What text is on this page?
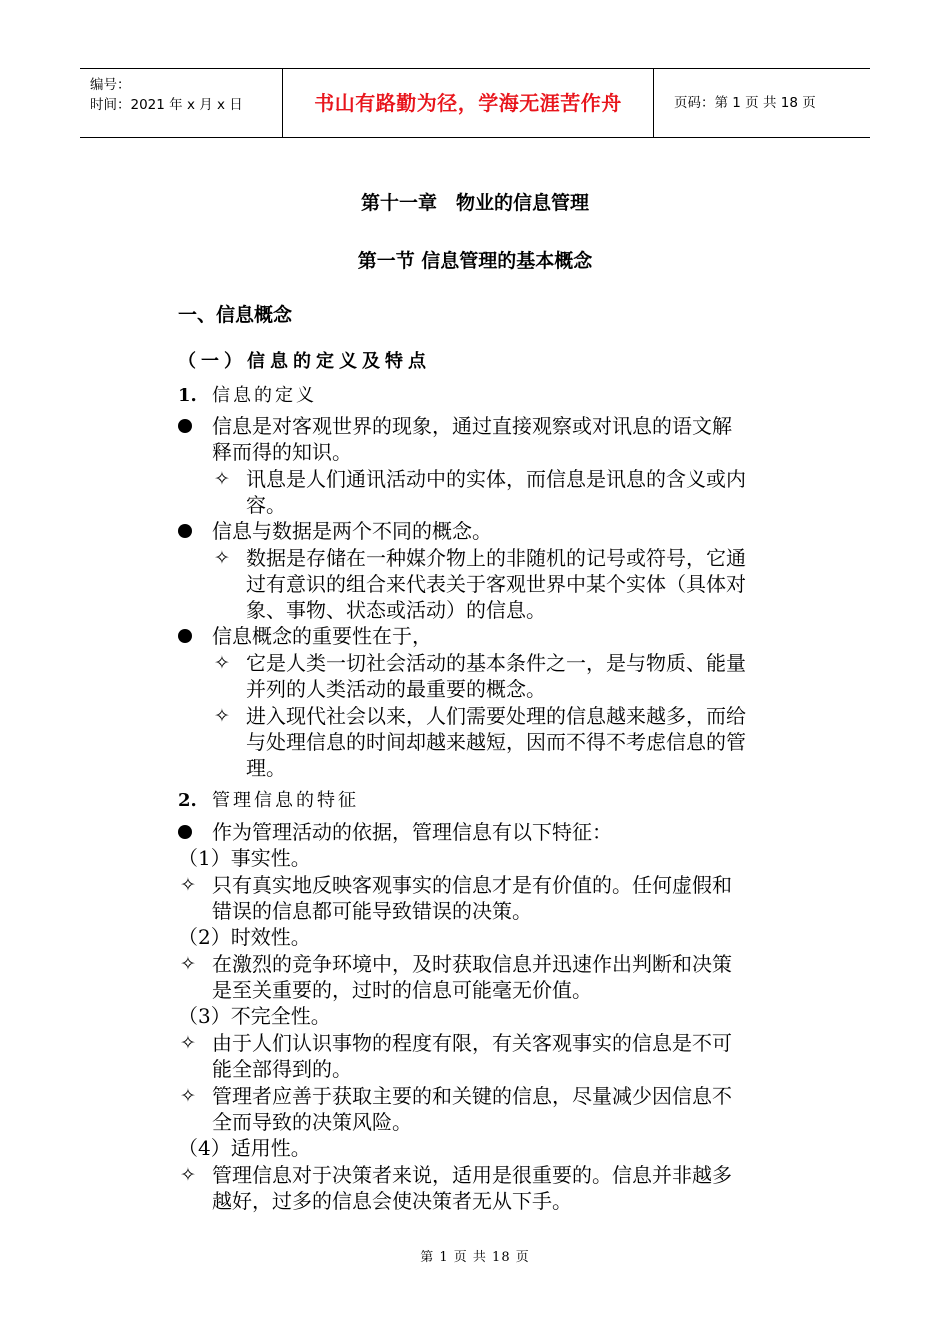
编号：
时间：2021 年 x 月 x 日	书山有路勤为径，学海无涯苦作舟	页码：第 1 页 共 18 页
第十一章　物业的信息管理
第一节 信息管理的基本概念
一、信息概念
（一）信息的定义及特点
1. 信息的定义
信息是对客观世界的现象，通过直接观察或对讯息的语文解
释而得的知识。
✧ 讯息是人们通讯活动中的实体，而信息是讯息的含义或内
容。
信息与数据是两个不同的概念。
✧ 数据是存储在一种媒介物上的非随机的记号或符号，它通
过有意识的组合来代表关于客观世界中某个实体（具体对
象、事物、状态或活动）的信息。
信息概念的重要性在于，
✧ 它是人类一切社会活动的基本条件之一，是与物质、能量
并列的人类活动的最重要的概念。
✧ 进入现代社会以来，人们需要处理的信息越来越多，而给
与处理信息的时间却越来越短，因而不得不考虑信息的管
理。
2. 管理信息的特征
作为管理活动的依据，管理信息有以下特征：
（1）事实性。
✧ 只有真实地反映客观事实的信息才是有价值的。任何虚假和
错误的信息都可能导致错误的决策。
（2）时效性。
✧ 在激烈的竞争环境中，及时获取信息并迅速作出判断和决策
是至关重要的，过时的信息可能毫无价值。
（3）不完全性。
✧ 由于人们认识事物的程度有限，有关客观事实的信息是不可
能全部得到的。
✧ 管理者应善于获取主要的和关键的信息，尽量减少因信息不
全而导致的决策风险。
（4）适用性。
✧ 管理信息对于决策者来说，适用是很重要的。信息并非越多
越好，过多的信息会使决策者无从下手。
第 1 页 共 18 页
